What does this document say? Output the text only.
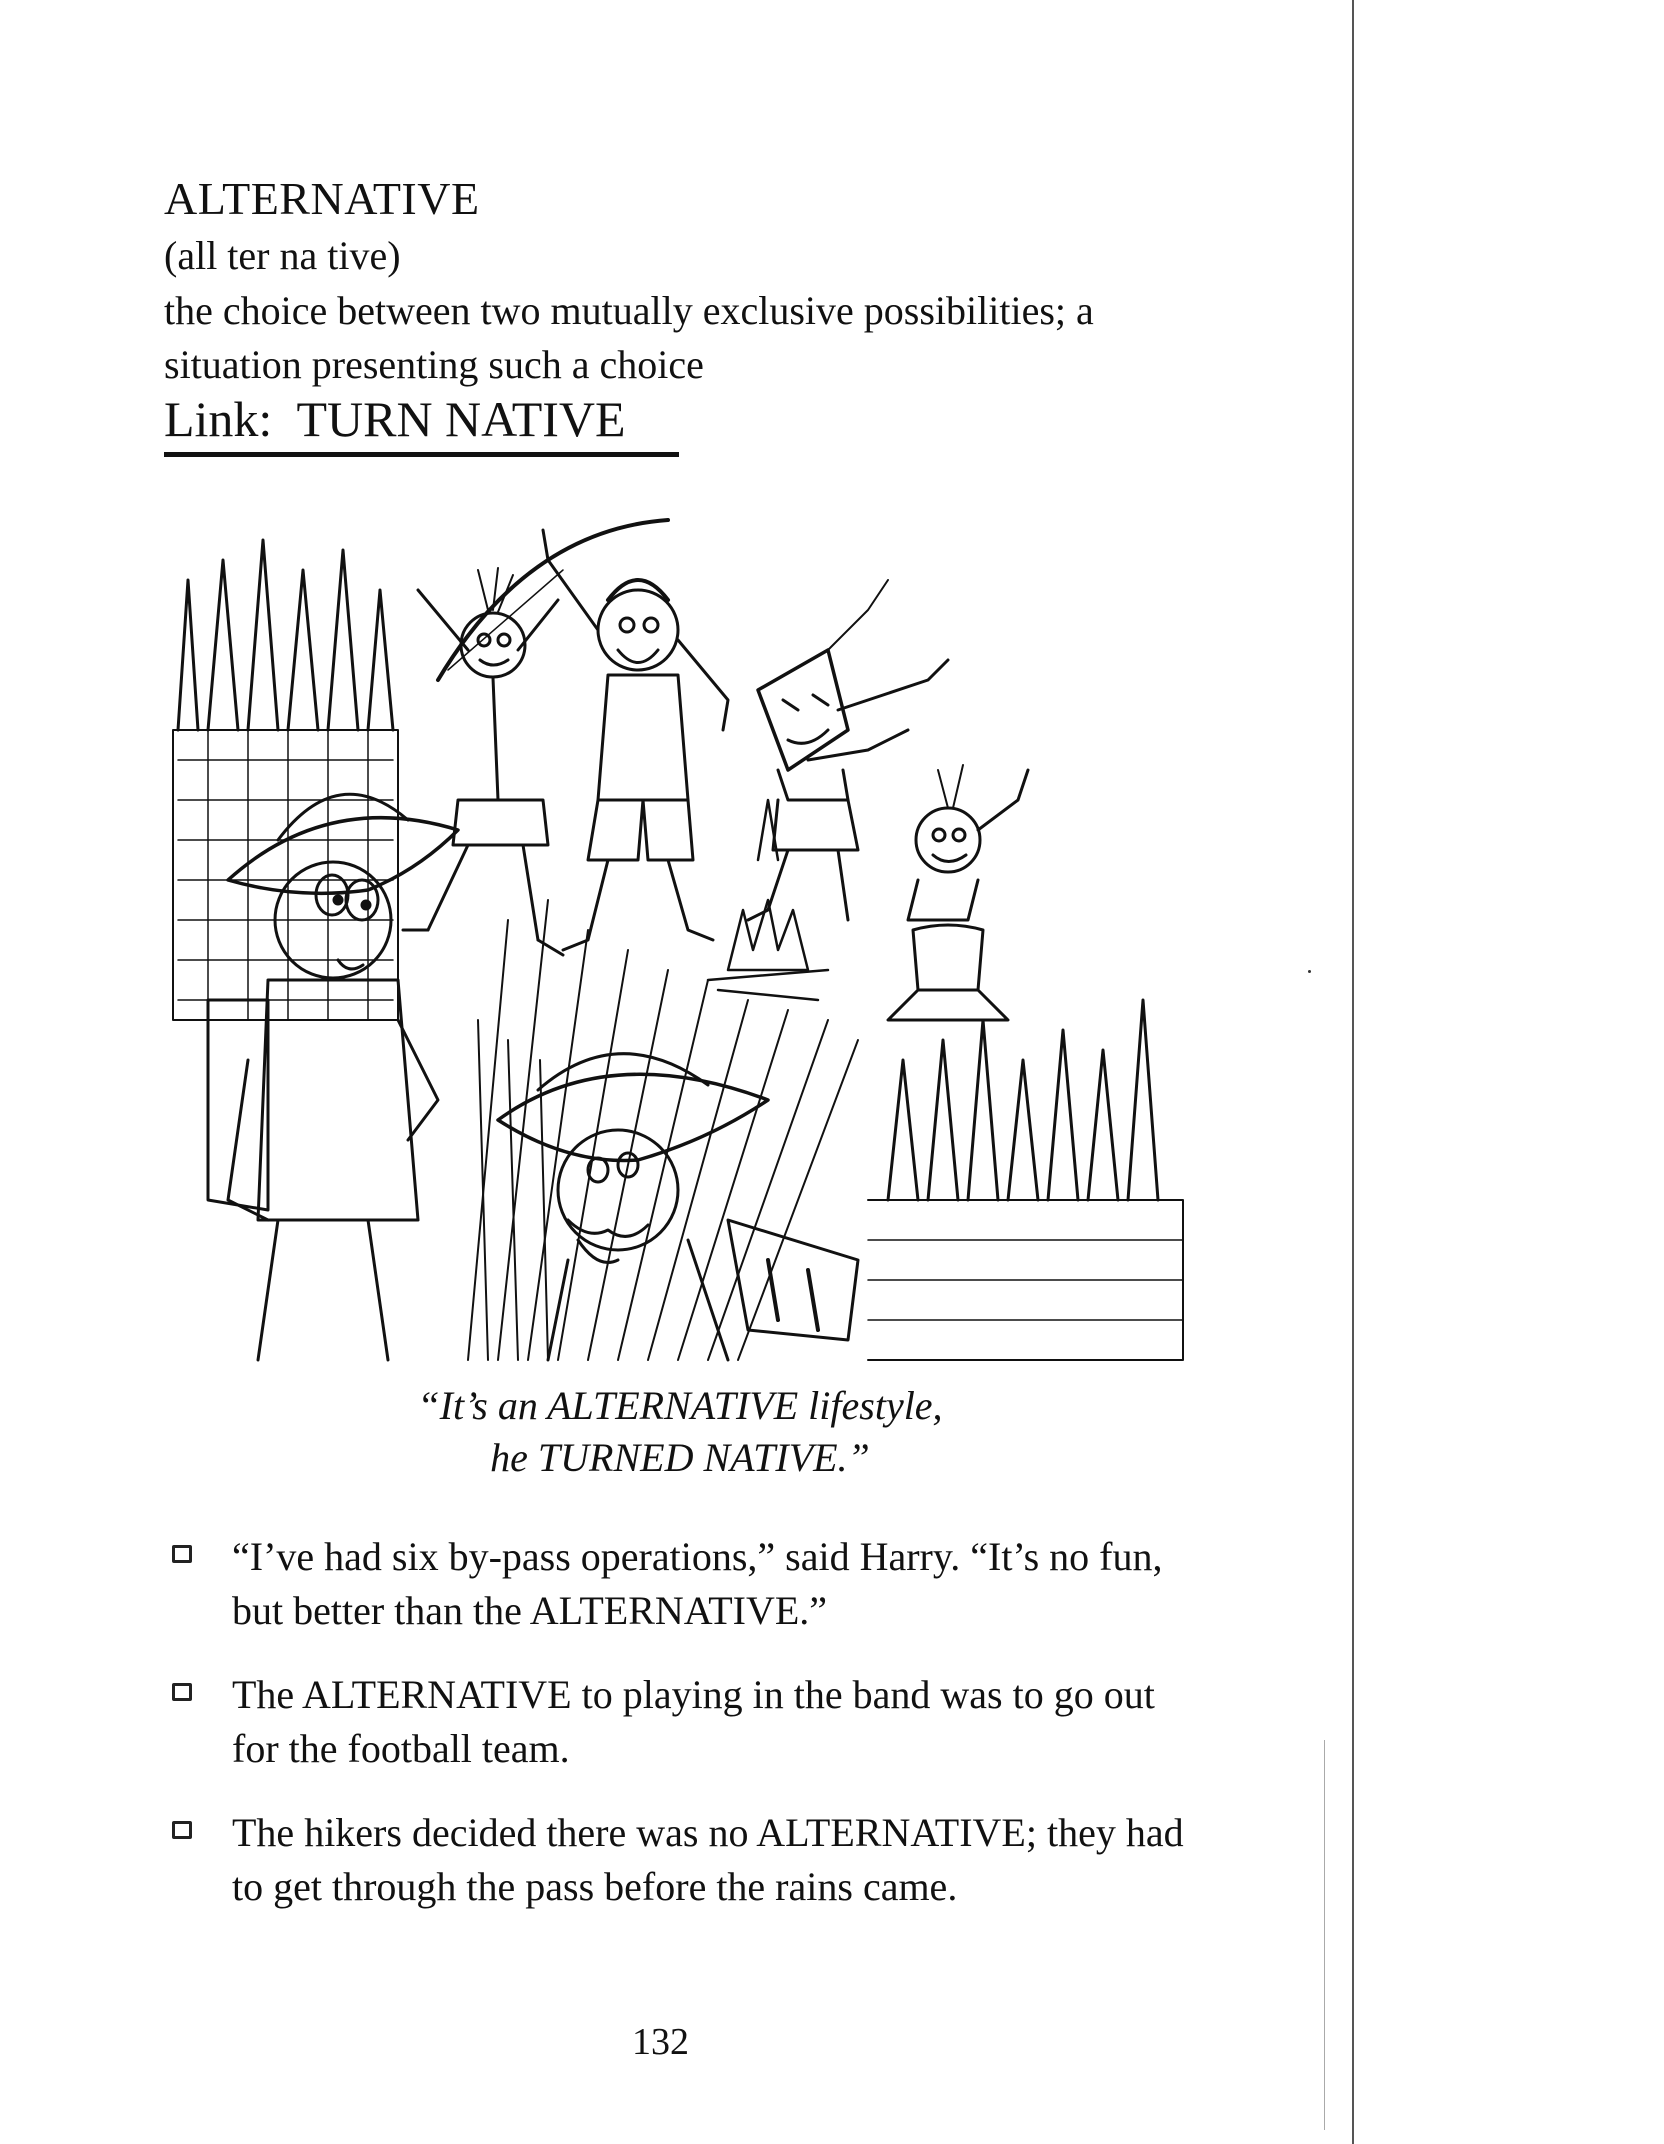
ALTERNATIVE
(all ter na tive)
the choice between two mutually exclusive possibilities; a situation presenting such a choice
Link: TURN NATIVE
“It’s an ALTERNATIVE lifestyle,
he TURNED NATIVE.”
“I’ve had six by-pass operations,” said Harry. “It’s no fun, but better than the ALTERNATIVE.”
The ALTERNATIVE to playing in the band was to go out for the football team.
The hikers decided there was no ALTERNATIVE; they had to get through the pass before the rains came.
132
